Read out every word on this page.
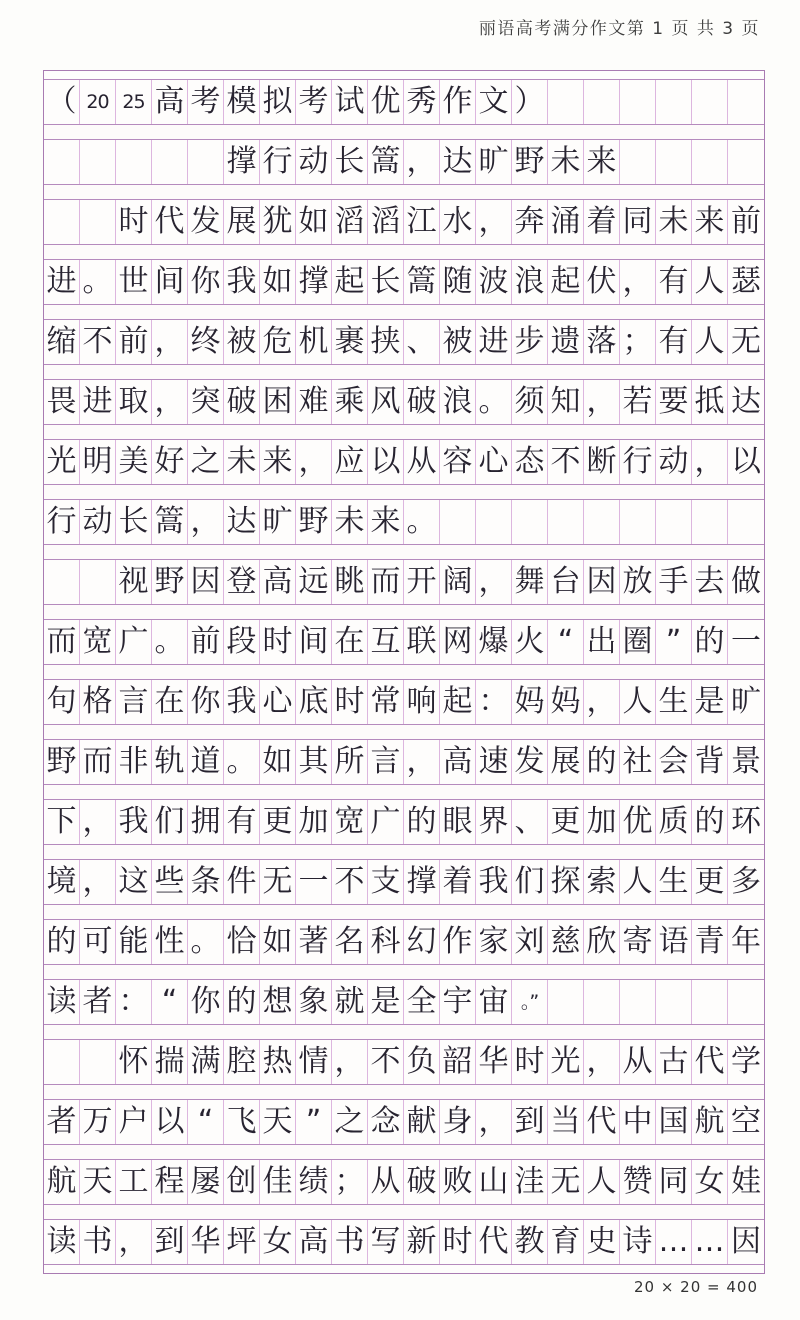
丽语高考满分作文第 1 页 共 3 页
（ 20 25 高 考 模 拟 考 试 优 秀 作 文 ）
撑 行 动 长 篙 ， 达 旷 野 未 来
时 代 发 展 犹 如 滔 滔 江 水 ， 奔 涌 着 同 未 来 前
进 。 世 间 你 我 如 撑 起 长 篙 随 波 浪 起 伏 ， 有 人 瑟
缩 不 前 ， 终 被 危 机 裹 挟 、 被 进 步 遗 落 ； 有 人 无
畏 进 取 ， 突 破 困 难 乘 风 破 浪 。 须 知 ， 若 要 抵 达
光 明 美 好 之 未 来 ， 应 以 从 容 心 态 不 断 行 动 ， 以
行 动 长 篙 ， 达 旷 野 未 来 。
视 野 因 登 高 远 眺 而 开 阔 ， 舞 台 因 放 手 去 做
而 宽 广 。 前 段 时 间 在 互 联 网 爆 火 “ 出 圈 ” 的 一
句 格 言 在 你 我 心 底 时 常 响 起 ： 妈 妈 ， 人 生 是 旷
野 而 非 轨 道 。 如 其 所 言 ， 高 速 发 展 的 社 会 背 景
下 ， 我 们 拥 有 更 加 宽 广 的 眼 界 、 更 加 优 质 的 环
境 ， 这 些 条 件 无 一 不 支 撑 着 我 们 探 索 人 生 更 多
的 可 能 性 。 恰 如 著 名 科 幻 作 家 刘 慈 欣 寄 语 青 年
读 者 ： “ 你 的 想 象 就 是 全 宇 宙 。”
怀 揣 满 腔 热 情 ， 不 负 韶 华 时 光 ， 从 古 代 学
者 万 户 以 “ 飞 天 ” 之 念 献 身 ， 到 当 代 中 国 航 空
航 天 工 程 屡 创 佳 绩 ； 从 破 败 山 洼 无 人 赞 同 女 娃
读 书 ， 到 华 坪 女 高 书 写 新 时 代 教 育 史 诗 … … 因
20 × 20 = 400
